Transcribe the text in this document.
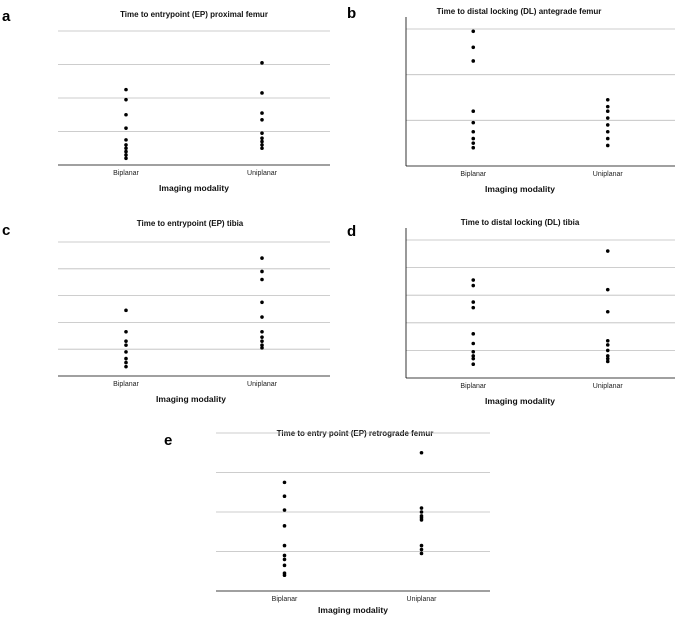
a	Time to entrypoint (EP) proximal femur
Biplanar	Uniplanar
Imaging modality
b	Time to distal locking (DL) antegrade femur
Biplanar	Uniplanar
Imaging modality
c	Time to entrypoint (EP) tibia
Biplanar	Uniplanar
Imaging modality
d
Time to distal locking (DL) tibia
Biplanar	Uniplanar
Imaging modality
e	Time to entry point (EP) retrograde femur
Biplanar	Uniplanar
Imaging modality
